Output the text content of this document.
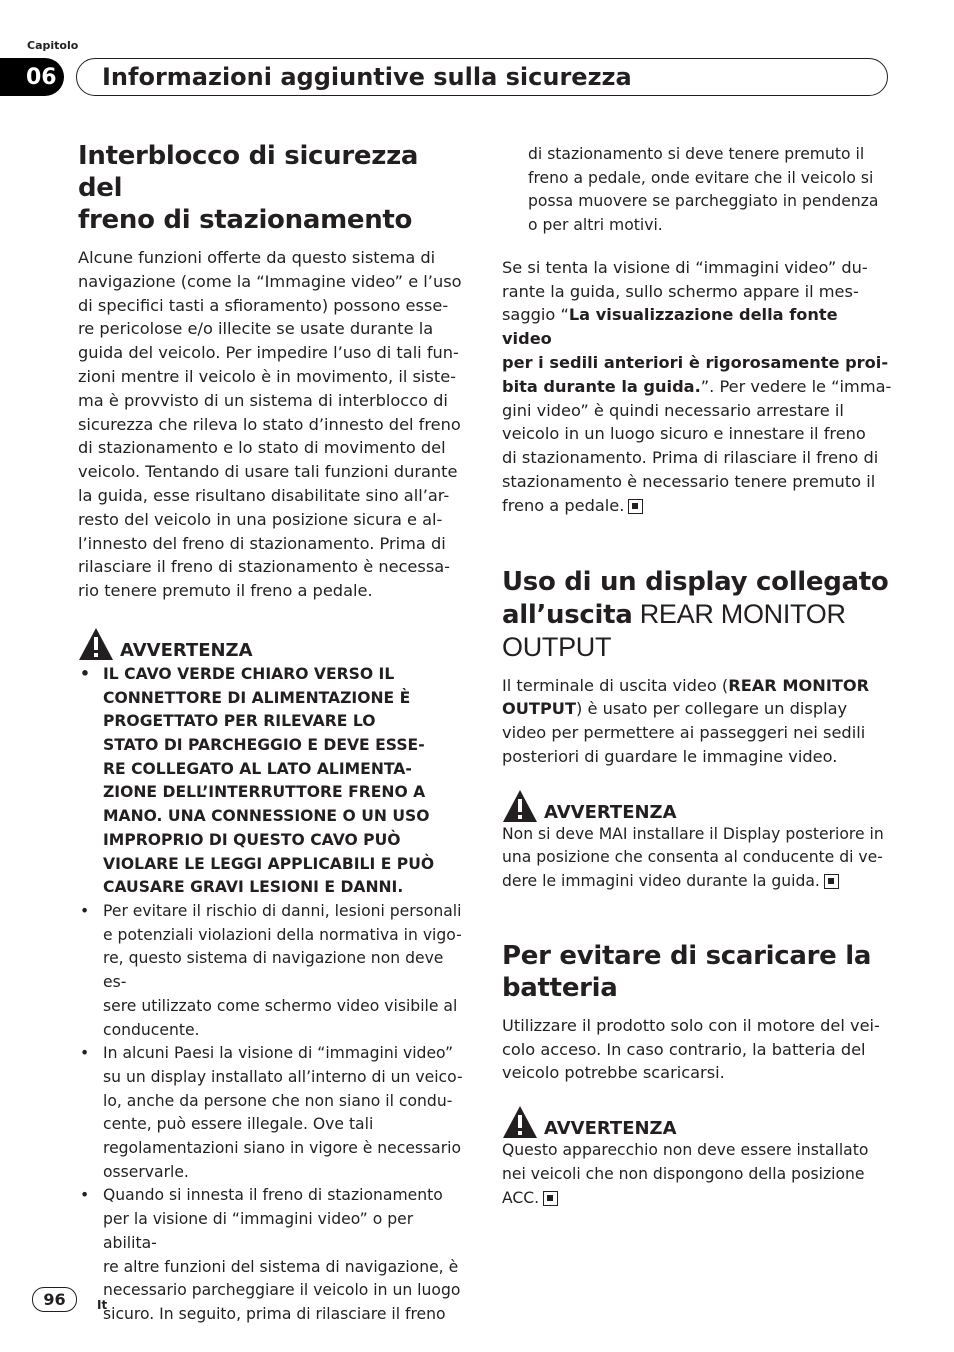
Capitolo
06	Informazioni aggiuntive sulla sicurezza
Interblocco di sicurezza del
freno di stazionamento

Alcune funzioni offerte da questo sistema di
navigazione (come la “Immagine video” e l’uso
di specifici tasti a sfioramento) possono esse-
re pericolose e/o illecite se usate durante la
guida del veicolo. Per impedire l’uso di tali fun-
zioni mentre il veicolo è in movimento, il siste-
ma è provvisto di un sistema di interblocco di
sicurezza che rileva lo stato d’innesto del freno
di stazionamento e lo stato di movimento del
veicolo. Tentando di usare tali funzioni durante
la guida, esse risultano disabilitate sino all’ar-
resto del veicolo in una posizione sicura e al-
l’innesto del freno di stazionamento. Prima di
rilasciare il freno di stazionamento è necessa-
rio tenere premuto il freno a pedale.

AVVERTENZA
• IL CAVO VERDE CHIARO VERSO IL
CONNETTORE DI ALIMENTAZIONE È
PROGETTATO PER RILEVARE LO
STATO DI PARCHEGGIO E DEVE ESSE-
RE COLLEGATO AL LATO ALIMENTA-
ZIONE DELL’INTERRUTTORE FRENO A
MANO. UNA CONNESSIONE O UN USO
IMPROPRIO DI QUESTO CAVO PUÒ
VIOLARE LE LEGGI APPLICABILI E PUÒ
CAUSARE GRAVI LESIONI E DANNI.
• Per evitare il rischio di danni, lesioni personali
e potenziali violazioni della normativa in vigo-
re, questo sistema di navigazione non deve es-
sere utilizzato come schermo video visibile al
conducente.
• In alcuni Paesi la visione di “immagini video”
su un display installato all’interno di un veico-
lo, anche da persone che non siano il condu-
cente, può essere illegale. Ove tali
regolamentazioni siano in vigore è necessario
osservarle.
• Quando si innesta il freno di stazionamento
per la visione di “immagini video” o per abilita-
re altre funzioni del sistema di navigazione, è
necessario parcheggiare il veicolo in un luogo
sicuro. In seguito, prima di rilasciare il freno

di stazionamento si deve tenere premuto il
freno a pedale, onde evitare che il veicolo si
possa muovere se parcheggiato in pendenza
o per altri motivi.

Se si tenta la visione di “immagini video” du-
rante la guida, sullo schermo appare il mes-
saggio “La visualizzazione della fonte video
per i sedili anteriori è rigorosamente proi-
bita durante la guida.”. Per vedere le “imma-
gini video” è quindi necessario arrestare il
veicolo in un luogo sicuro e innestare il freno
di stazionamento. Prima di rilasciare il freno di
stazionamento è necessario tenere premuto il
freno a pedale.

Uso di un display collegato
all’uscita REAR MONITOR
OUTPUT

Il terminale di uscita video (REAR MONITOR
OUTPUT) è usato per collegare un display
video per permettere ai passeggeri nei sedili
posteriori di guardare le immagine video.

AVVERTENZA

Non si deve MAI installare il Display posteriore in
una posizione che consenta al conducente di ve-
dere le immagini video durante la guida.

Per evitare di scaricare la
batteria

Utilizzare il prodotto solo con il motore del vei-
colo acceso. In caso contrario, la batteria del
veicolo potrebbe scaricarsi.

AVVERTENZA

Questo apparecchio non deve essere installato
nei veicoli che non dispongono della posizione
ACC.

96	It
